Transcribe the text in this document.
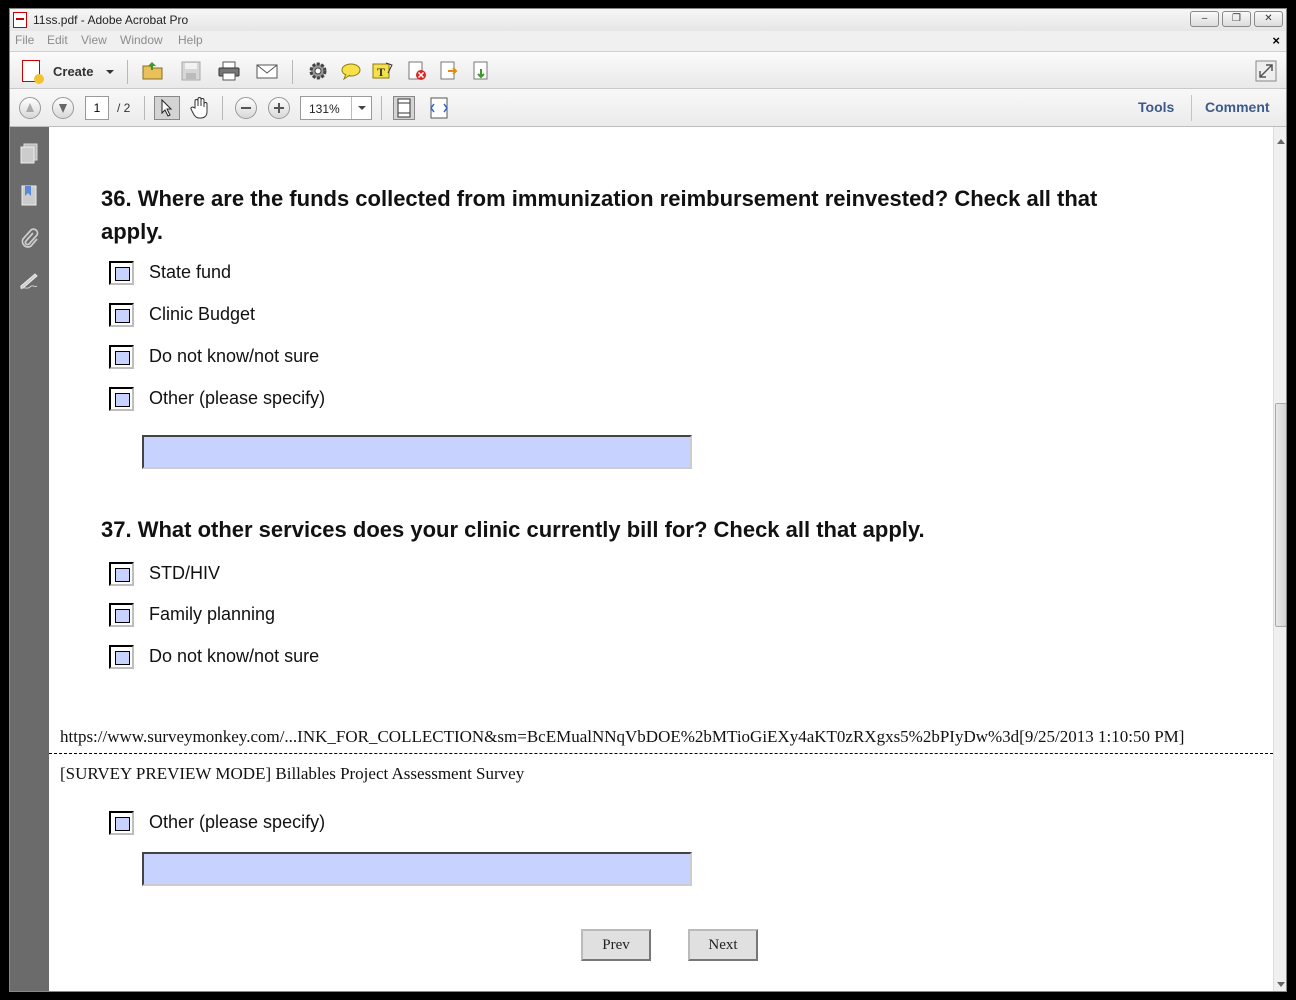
11ss.pdf - Adobe Acrobat Pro	‒	❐	✕
File Edit View Window Help	×
Create	T
1	/ 2	131%	Tools Comment
36. Where are the funds collected from immunization reimbursement reinvested? Check all that
apply.
State fund
Clinic Budget
Do not know/not sure
Other (please specify)
37. What other services does your clinic currently bill for? Check all that apply.
STD/HIV
Family planning
Do not know/not sure
https://www.surveymonkey.com/...INK_FOR_COLLECTION&sm=BcEMualNNqVbDOE%2bMTioGiEXy4aKT0zRXgxs5%2bPIyDw%3d[9/25/2013 1:10:50 PM]
[SURVEY PREVIEW MODE] Billables Project Assessment Survey
Other (please specify)
Prev	Next
